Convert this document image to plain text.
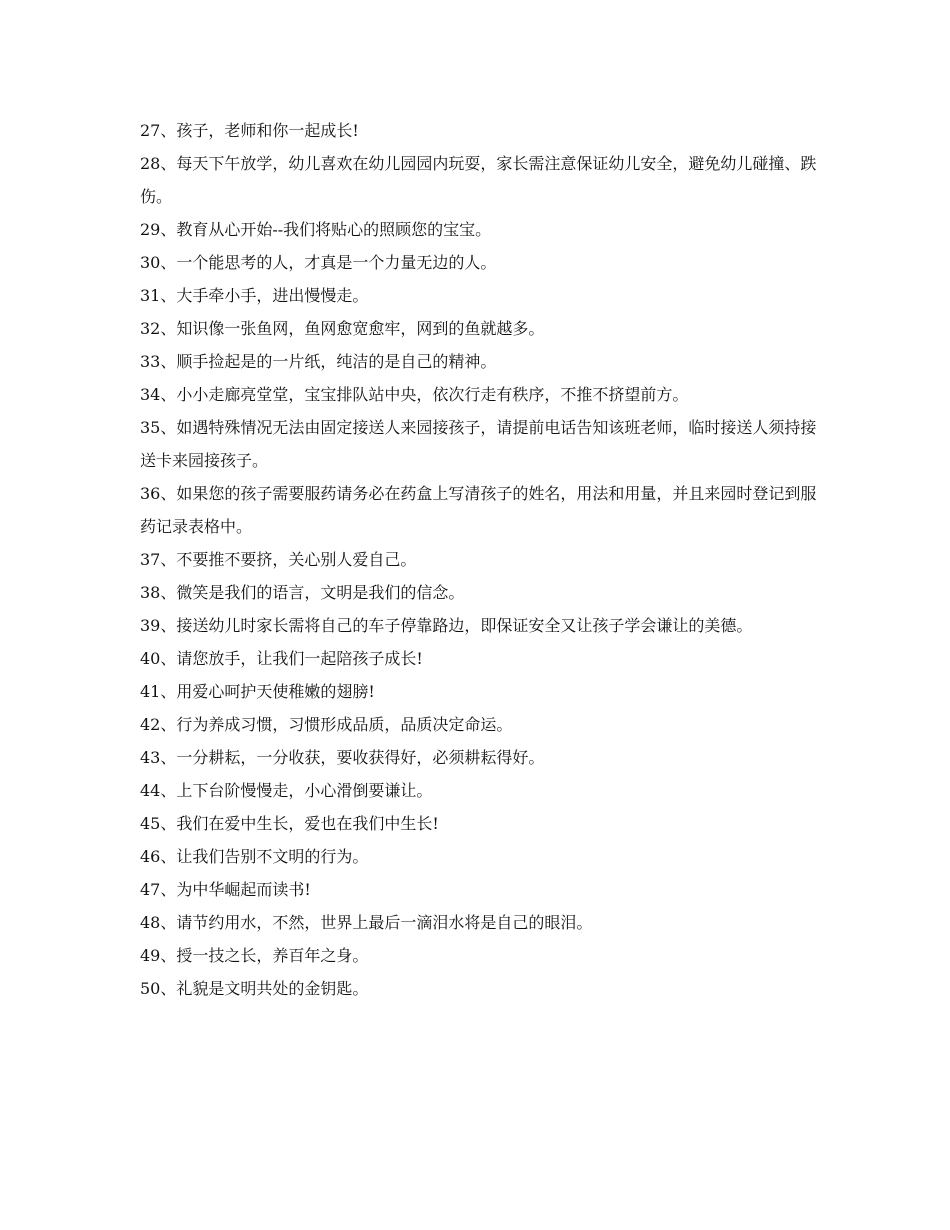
27、孩子，老师和你一起成长!

28、每天下午放学，幼儿喜欢在幼儿园园内玩耍，家长需注意保证幼儿安全，避免幼儿碰撞、跌伤。

29、教育从心开始--我们将贴心的照顾您的宝宝。

30、一个能思考的人，才真是一个力量无边的人。

31、大手牵小手，进出慢慢走。

32、知识像一张鱼网，鱼网愈宽愈牢，网到的鱼就越多。

33、顺手捡起是的一片纸，纯洁的是自己的精神。

34、小小走廊亮堂堂，宝宝排队站中央，依次行走有秩序，不推不挤望前方。

35、如遇特殊情况无法由固定接送人来园接孩子，请提前电话告知该班老师，临时接送人须持接送卡来园接孩子。

36、如果您的孩子需要服药请务必在药盒上写清孩子的姓名，用法和用量，并且来园时登记到服药记录表格中。

37、不要推不要挤，关心别人爱自己。

38、微笑是我们的语言，文明是我们的信念。

39、接送幼儿时家长需将自己的车子停靠路边，即保证安全又让孩子学会谦让的美德。

40、请您放手，让我们一起陪孩子成长!

41、用爱心呵护天使稚嫩的翅膀!

42、行为养成习惯，习惯形成品质，品质决定命运。

43、一分耕耘，一分收获，要收获得好，必须耕耘得好。

44、上下台阶慢慢走，小心滑倒要谦让。

45、我们在爱中生长，爱也在我们中生长!

46、让我们告别不文明的行为。

47、为中华崛起而读书!

48、请节约用水，不然，世界上最后一滴泪水将是自己的眼泪。

49、授一技之长，养百年之身。

50、礼貌是文明共处的金钥匙。
